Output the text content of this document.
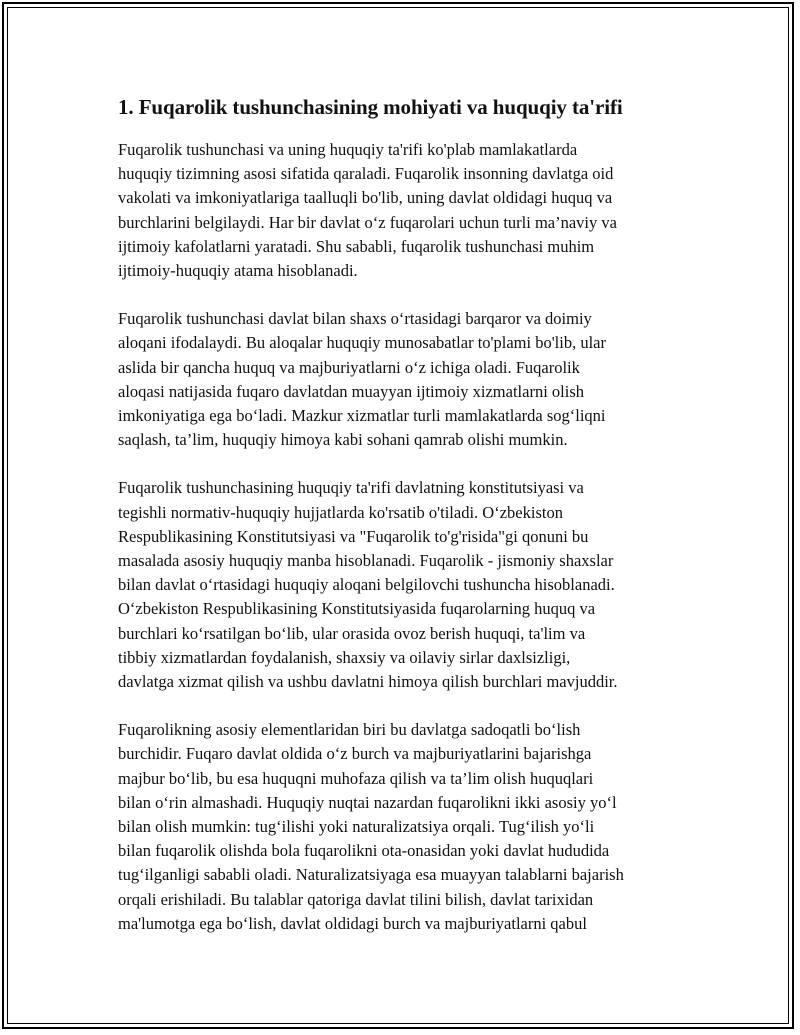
1. Fuqarolik tushunchasining mohiyati va huquqiy ta'rifi

Fuqarolik tushunchasi va uning huquqiy ta'rifi ko'plab mamlakatlarda
huquqiy tizimning asosi sifatida qaraladi. Fuqarolik insonning davlatga oid
vakolati va imkoniyatlariga taalluqli bo'lib, uning davlat oldidagi huquq va
burchlarini belgilaydi. Har bir davlat o‘z fuqarolari uchun turli ma’naviy va
ijtimoiy kafolatlarni yaratadi. Shu sababli, fuqarolik tushunchasi muhim
ijtimoiy-huquqiy atama hisoblanadi.

Fuqarolik tushunchasi davlat bilan shaxs o‘rtasidagi barqaror va doimiy
aloqani ifodalaydi. Bu aloqalar huquqiy munosabatlar to'plami bo'lib, ular
aslida bir qancha huquq va majburiyatlarni o‘z ichiga oladi. Fuqarolik
aloqasi natijasida fuqaro davlatdan muayyan ijtimoiy xizmatlarni olish
imkoniyatiga ega bo‘ladi. Mazkur xizmatlar turli mamlakatlarda sog‘liqni
saqlash, ta’lim, huquqiy himoya kabi sohani qamrab olishi mumkin.

Fuqarolik tushunchasining huquqiy ta'rifi davlatning konstitutsiyasi va
tegishli normativ-huquqiy hujjatlarda ko'rsatib o'tiladi. O‘zbekiston
Respublikasining Konstitutsiyasi va "Fuqarolik to'g'risida"gi qonuni bu
masalada asosiy huquqiy manba hisoblanadi. Fuqarolik - jismoniy shaxslar
bilan davlat o‘rtasidagi huquqiy aloqani belgilovchi tushuncha hisoblanadi.
O‘zbekiston Respublikasining Konstitutsiyasida fuqarolarning huquq va
burchlari ko‘rsatilgan bo‘lib, ular orasida ovoz berish huquqi, ta'lim va
tibbiy xizmatlardan foydalanish, shaxsiy va oilaviy sirlar daxlsizligi,
davlatga xizmat qilish va ushbu davlatni himoya qilish burchlari mavjuddir.

Fuqarolikning asosiy elementlaridan biri bu davlatga sadoqatli bo‘lish
burchidir. Fuqaro davlat oldida o‘z burch va majburiyatlarini bajarishga
majbur bo‘lib, bu esa huquqni muhofaza qilish va ta’lim olish huquqlari
bilan o‘rin almashadi. Huquqiy nuqtai nazardan fuqarolikni ikki asosiy yo‘l
bilan olish mumkin: tug‘ilishi yoki naturalizatsiya orqali. Tug‘ilish yo‘li
bilan fuqarolik olishda bola fuqarolikni ota-onasidan yoki davlat hududida
tug‘ilganligi sababli oladi. Naturalizatsiyaga esa muayyan talablarni bajarish
orqali erishiladi. Bu talablar qatoriga davlat tilini bilish, davlat tarixidan
ma'lumotga ega bo‘lish, davlat oldidagi burch va majburiyatlarni qabul
